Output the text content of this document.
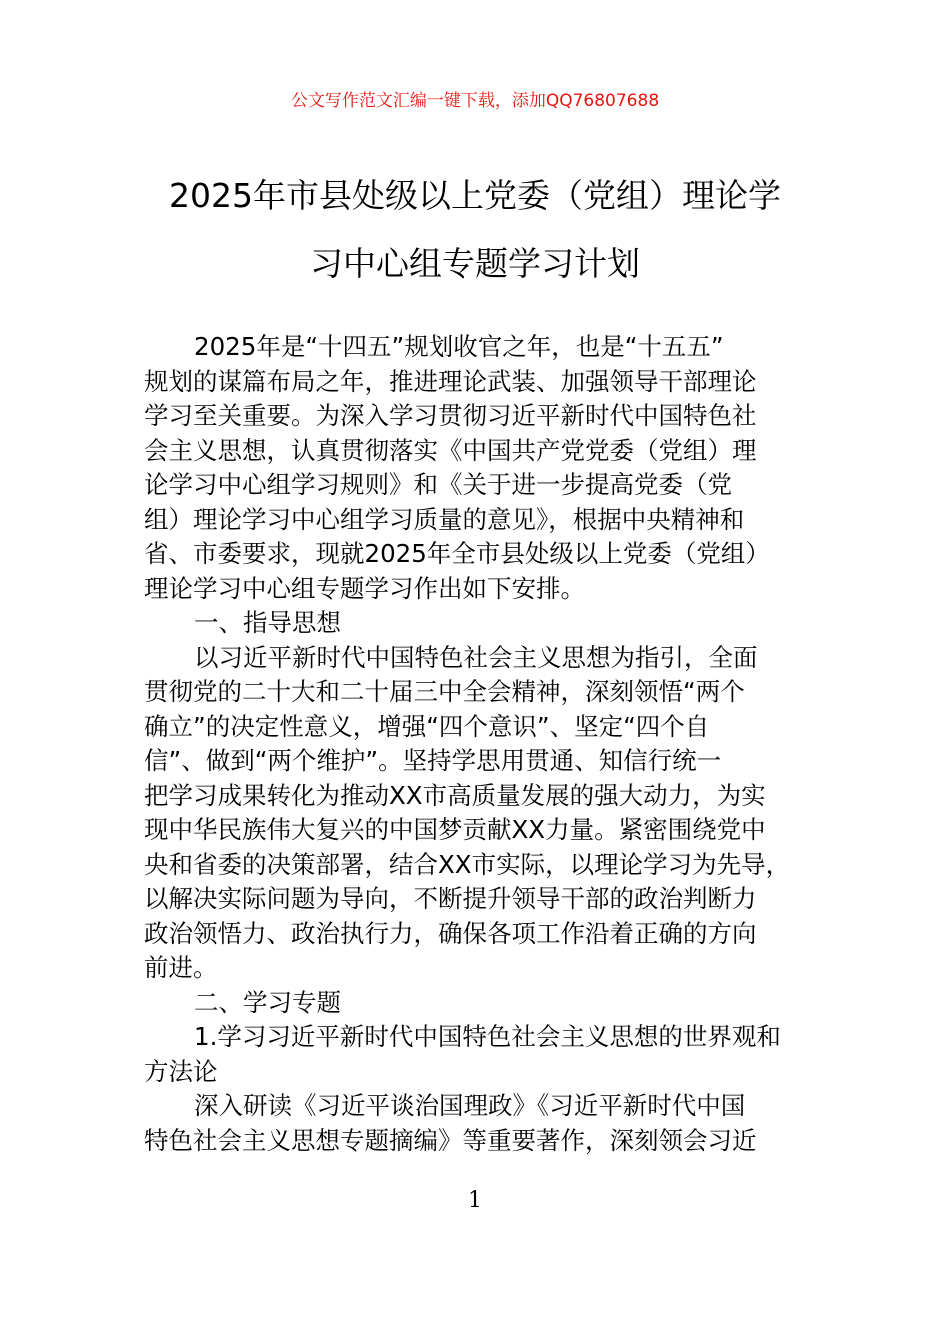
公文写作范文汇编一键下载，添加QQ76807688
2025年市县处级以上党委（党组）理论学
习中心组专题学习计划
2025年是“十四五”规划收官之年，也是“十五五”
规划的谋篇布局之年，推进理论武装、加强领导干部理论
学习至关重要。为深入学习贯彻习近平新时代中国特色社
会主义思想，认真贯彻落实《中国共产党党委（党组）理
论学习中心组学习规则》和《关于进一步提高党委（党
组）理论学习中心组学习质量的意见》，根据中央精神和
省、市委要求，现就2025年全市县处级以上党委（党组）
理论学习中心组专题学习作出如下安排。
一、指导思想
以习近平新时代中国特色社会主义思想为指引，全面
贯彻党的二十大和二十届三中全会精神，深刻领悟“两个
确立”的决定性意义，增强“四个意识”、坚定“四个自
信”、做到“两个维护”。坚持学思用贯通、知信行统一
把学习成果转化为推动XX市高质量发展的强大动力，为实
现中华民族伟大复兴的中国梦贡献XX力量。紧密围绕党中
央和省委的决策部署，结合XX市实际，以理论学习为先导，
以解决实际问题为导向，不断提升领导干部的政治判断力
政治领悟力、政治执行力，确保各项工作沿着正确的方向
前进。
二、学习专题
1.学习习近平新时代中国特色社会主义思想的世界观和
方法论
深入研读《习近平谈治国理政》《习近平新时代中国
特色社会主义思想专题摘编》等重要著作，深刻领会习近
1
